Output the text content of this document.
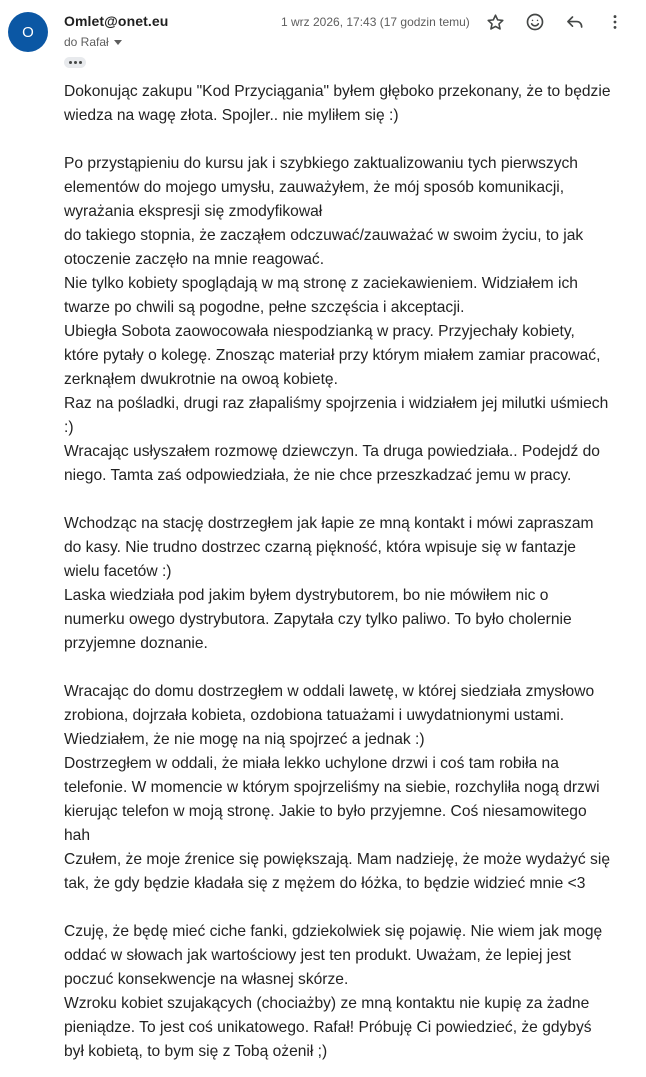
O
Omlet@onet.eu
do Rafał
1 wrz 2026, 17:43 (17 godzin temu)
Dokonując zakupu "Kod Przyciągania" byłem głęboko przekonany, że to będzie
wiedza na wagę złota. Spojler.. nie myliłem się :)
Po przystąpieniu do kursu jak i szybkiego zaktualizowaniu tych pierwszych
elementów do mojego umysłu, zauważyłem, że mój sposób komunikacji,
wyrażania ekspresji się zmodyfikował
do takiego stopnia, że zacząłem odczuwać/zauważać w swoim życiu, to jak
otoczenie zaczęło na mnie reagować.
Nie tylko kobiety spoglądają w mą stronę z zaciekawieniem. Widziałem ich
twarze po chwili są pogodne, pełne szczęścia i akceptacji.
Ubiegła Sobota zaowocowała niespodzianką w pracy. Przyjechały kobiety,
które pytały o kolegę. Znosząc materiał przy którym miałem zamiar pracować,
zerknąłem dwukrotnie na owoą kobietę.
Raz na pośladki, drugi raz złapaliśmy spojrzenia i widziałem jej milutki uśmiech
:)
Wracając usłyszałem rozmowę dziewczyn. Ta druga powiedziała.. Podejdź do
niego. Tamta zaś odpowiedziała, że nie chce przeszkadzać jemu w pracy.
Wchodząc na stację dostrzegłem jak łapie ze mną kontakt i mówi zapraszam
do kasy. Nie trudno dostrzec czarną piękność, która wpisuje się w fantazje
wielu facetów :)
Laska wiedziała pod jakim byłem dystrybutorem, bo nie mówiłem nic o
numerku owego dystrybutora. Zapytała czy tylko paliwo. To było cholernie
przyjemne doznanie.
Wracając do domu dostrzegłem w oddali lawetę, w której siedziała zmysłowo
zrobiona, dojrzała kobieta, ozdobiona tatuażami i uwydatnionymi ustami.
Wiedziałem, że nie mogę na nią spojrzeć a jednak :)
Dostrzegłem w oddali, że miała lekko uchylone drzwi i coś tam robiła na
telefonie. W momencie w którym spojrzeliśmy na siebie, rozchyliła nogą drzwi
kierując telefon w moją stronę. Jakie to było przyjemne. Coś niesamowitego
hah
Czułem, że moje źrenice się powiększają. Mam nadzieję, że może wydażyć się
tak, że gdy będzie kładała się z mężem do łóżka, to będzie widzieć mnie <3
Czuję, że będę mieć ciche fanki, gdziekolwiek się pojawię. Nie wiem jak mogę
oddać w słowach jak wartościowy jest ten produkt. Uważam, że lepiej jest
poczuć konsekwencje na własnej skórze.
Wzroku kobiet szujakących (chociażby) ze mną kontaktu nie kupię za żadne
pieniądze. To jest coś unikatowego. Rafał! Próbuję Ci powiedzieć, że gdybyś
był kobietą, to bym się z Tobą ożenił ;)
